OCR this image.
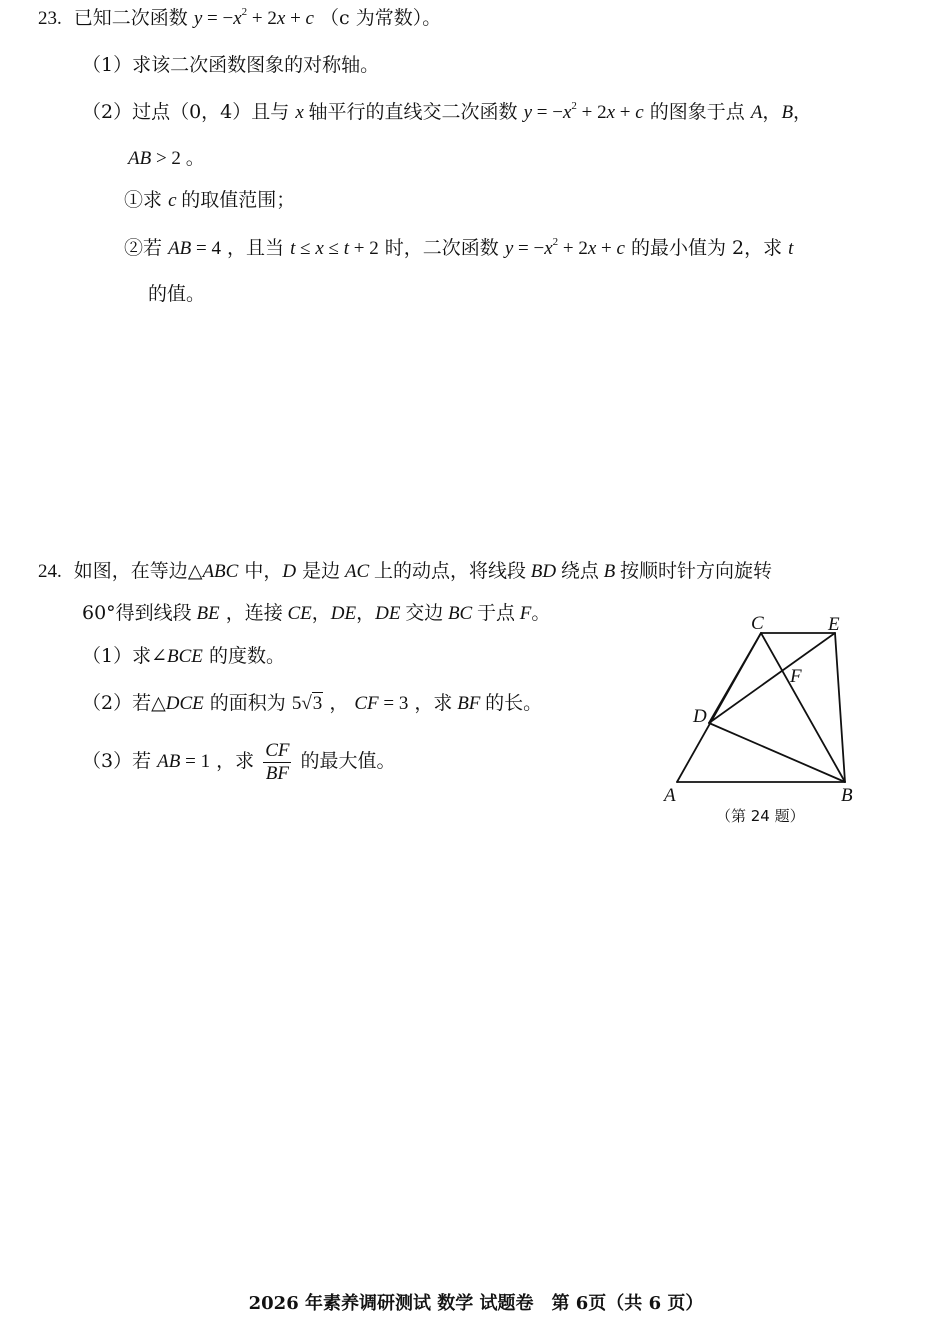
23. 已知二次函数 $y = -x^2 + 2x + c$ （c 为常数）。
（1）求该二次函数图象的对称轴。
（2）过点（0，4）且与 x 轴平行的直线交二次函数 $y = -x^2 + 2x + c$ 的图象于点 A，B，
AB > 2 。
①求 c 的取值范围；
②若 AB = 4 ，且当 t ≤ x ≤ t + 2 时，二次函数 $y = -x^2 + 2x + c$ 的最小值为 2，求 t
的值。
24. 如图，在等边△ABC 中，D 是边 AC 上的动点，将线段 BD 绕点 B 按顺时针方向旋转
60°得到线段 BE ，连接 CE，DE，DE 交边 BC 于点 F。
（1）求∠BCE 的度数。
（2）若△DCE 的面积为 5√3 ， CF = 3 ，求 BF 的长。
（3）若 AB = 1 ，求 $\frac{CF}{BF}$ 的最大值。
C	E
F
D
A	B
（第 24 题）
2026 年素养调研测试 数学 试题卷　第 6页（共 6 页）
